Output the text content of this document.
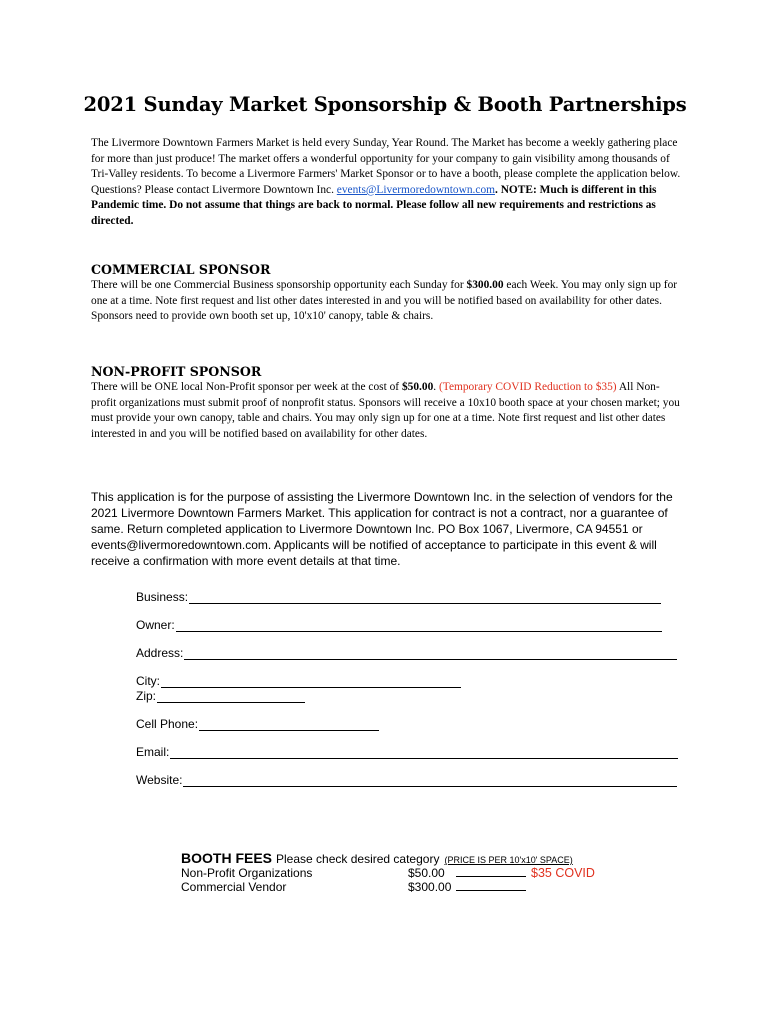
2021 Sunday Market Sponsorship & Booth Partnerships
The Livermore Downtown Farmers Market is held every Sunday, Year Round. The Market has become a weekly gathering place for more than just produce! The market offers a wonderful opportunity for your company to gain visibility among thousands of Tri-Valley residents. To become a Livermore Farmers' Market Sponsor or to have a booth, please complete the application below. Questions? Please contact Livermore Downtown Inc. events@Livermoredowntown.com. NOTE: Much is different in this Pandemic time. Do not assume that things are back to normal. Please follow all new requirements and restrictions as directed.
COMMERCIAL SPONSOR
There will be one Commercial Business sponsorship opportunity each Sunday for $300.00 each Week. You may only sign up for one at a time. Note first request and list other dates interested in and you will be notified based on availability for other dates. Sponsors need to provide own booth set up, 10'x10' canopy, table & chairs.
NON-PROFIT SPONSOR
There will be ONE local Non-Profit sponsor per week at the cost of $50.00. (Temporary COVID Reduction to $35) All Non-profit organizations must submit proof of nonprofit status. Sponsors will receive a 10x10 booth space at your chosen market; you must provide your own canopy, table and chairs. You may only sign up for one at a time. Note first request and list other dates interested in and you will be notified based on availability for other dates.
This application is for the purpose of assisting the Livermore Downtown Inc. in the selection of vendors for the
2021 Livermore Downtown Farmers Market. This application for contract is not a contract, nor a guarantee of same. Return completed application to Livermore Downtown Inc. PO Box 1067, Livermore, CA 94551 or events@livermoredowntown.com. Applicants will be notified of acceptance to participate in this event & will receive a confirmation with more event details at that time.
Business:
Owner:
Address:
City:
Zip:
Cell Phone:
Email:
Website:
BOOTH FEES Please check desired category (PRICE IS PER 10'x10' SPACE)
Non-Profit Organizations	$50.00	$35 COVID
Commercial Vendor	$300.00
